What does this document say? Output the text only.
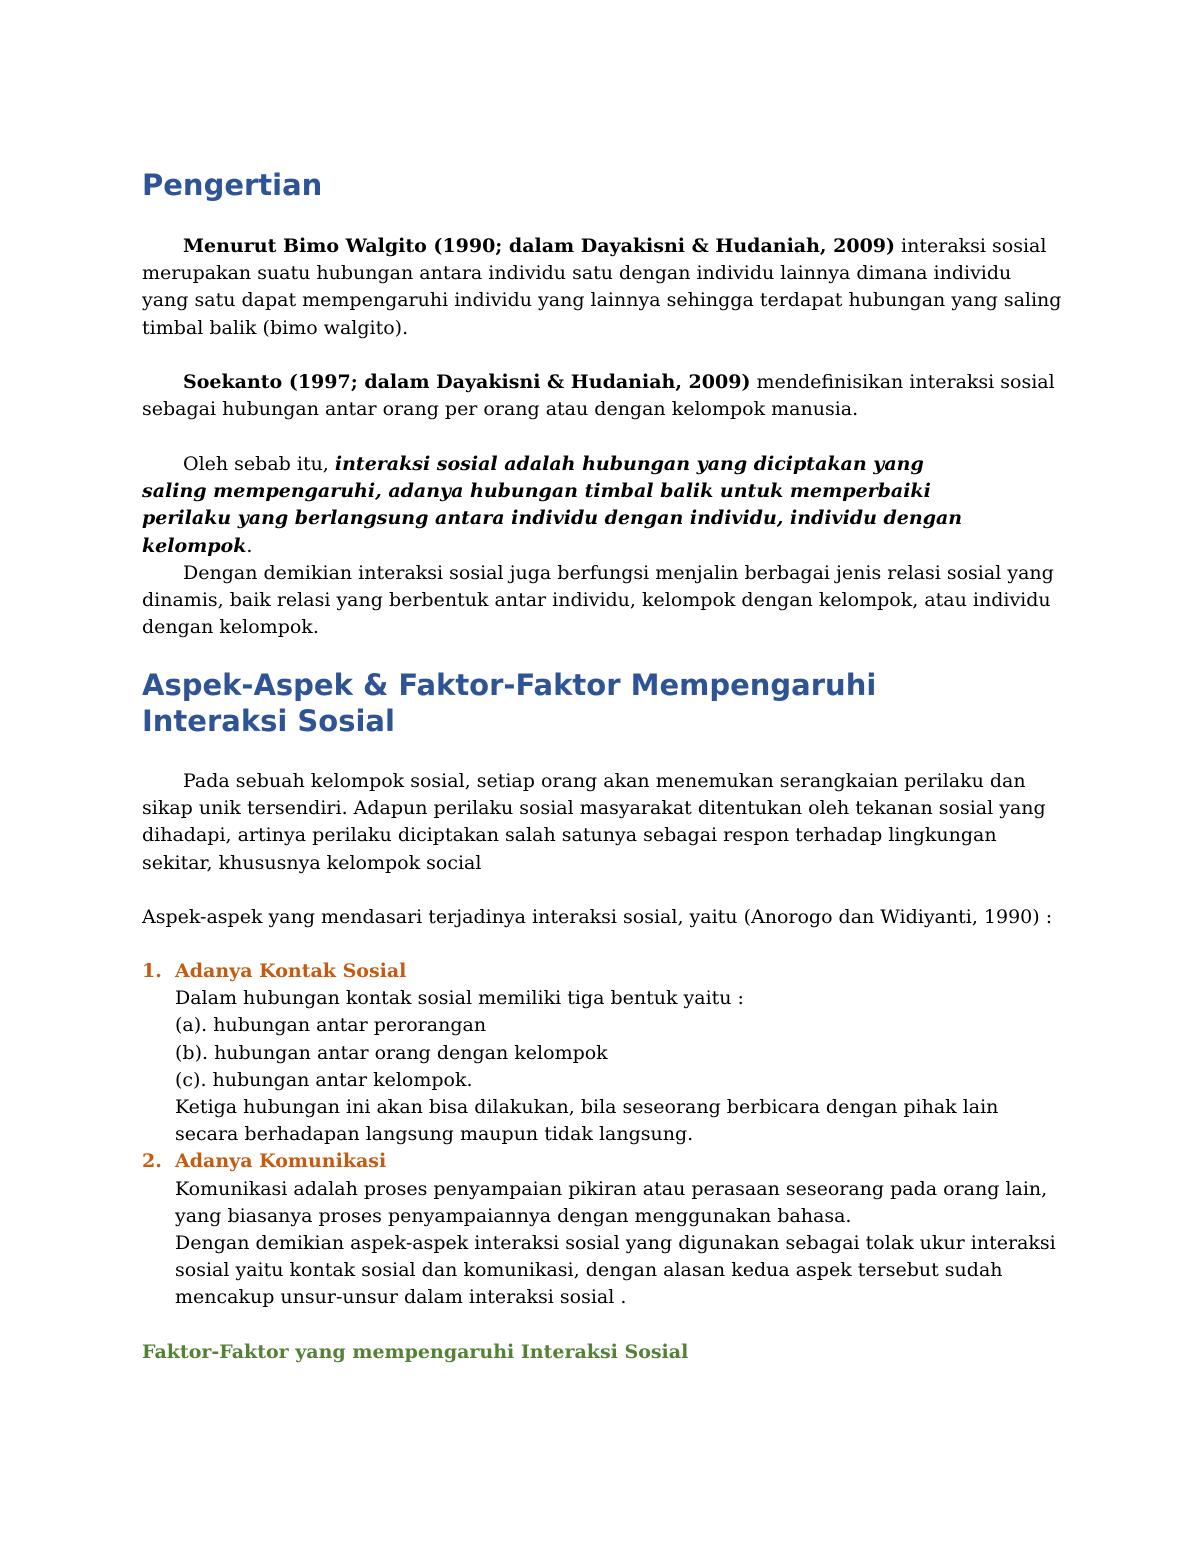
Pengertian

Menurut Bimo Walgito (1990; dalam Dayakisni & Hudaniah, 2009) interaksi sosial merupakan suatu hubungan antara individu satu dengan individu lainnya dimana individu yang satu dapat mempengaruhi individu yang lainnya sehingga terdapat hubungan yang saling timbal balik (bimo walgito).

Soekanto (1997; dalam Dayakisni & Hudaniah, 2009) mendefinisikan interaksi sosial sebagai hubungan antar orang per orang atau dengan kelompok manusia.

Oleh sebab itu, interaksi sosial adalah hubungan yang diciptakan yang saling mempengaruhi, adanya hubungan timbal balik untuk memperbaiki perilaku yang berlangsung antara individu dengan individu, individu dengan kelompok.

Dengan demikian interaksi sosial juga berfungsi menjalin berbagai jenis relasi sosial yang dinamis, baik relasi yang berbentuk antar individu, kelompok dengan kelompok, atau individu dengan kelompok.

Aspek-Aspek & Faktor-Faktor Mempengaruhi
Interaksi Sosial

Pada sebuah kelompok sosial, setiap orang akan menemukan serangkaian perilaku dan sikap unik tersendiri. Adapun perilaku sosial masyarakat ditentukan oleh tekanan sosial yang dihadapi, artinya perilaku diciptakan salah satunya sebagai respon terhadap lingkungan sekitar, khususnya kelompok social

Aspek-aspek yang mendasari terjadinya interaksi sosial, yaitu (Anorogo dan Widiyanti, 1990) :

1. Adanya Kontak Sosial
Dalam hubungan kontak sosial memiliki tiga bentuk yaitu :
(a). hubungan antar perorangan
(b). hubungan antar orang dengan kelompok
(c). hubungan antar kelompok.
Ketiga hubungan ini akan bisa dilakukan, bila seseorang berbicara dengan pihak lain secara berhadapan langsung maupun tidak langsung.
2. Adanya Komunikasi
Komunikasi adalah proses penyampaian pikiran atau perasaan seseorang pada orang lain, yang biasanya proses penyampaiannya dengan menggunakan bahasa.
Dengan demikian aspek-aspek interaksi sosial yang digunakan sebagai tolak ukur interaksi sosial yaitu kontak sosial dan komunikasi, dengan alasan kedua aspek tersebut sudah mencakup unsur-unsur dalam interaksi sosial .

Faktor-Faktor yang mempengaruhi Interaksi Sosial
